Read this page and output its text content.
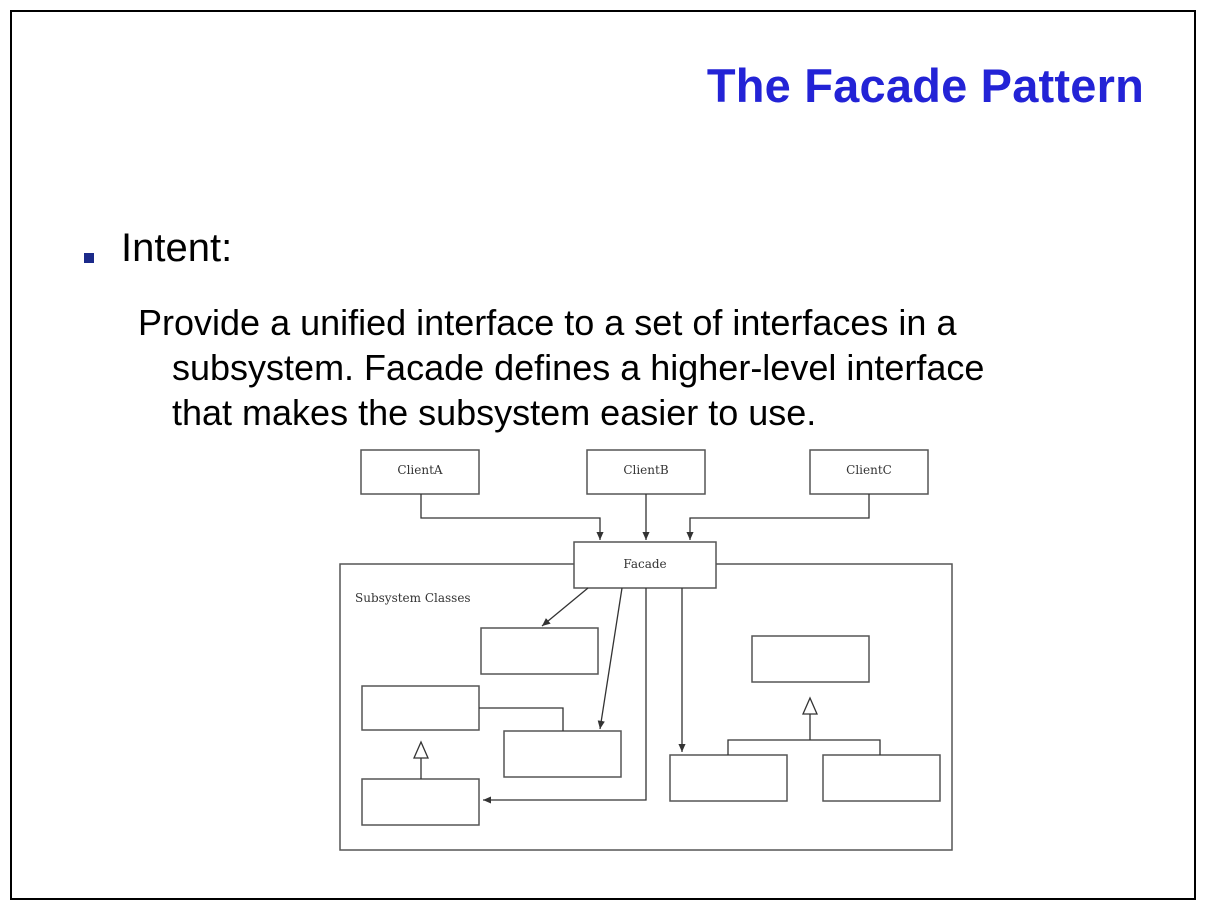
The Facade Pattern
Intent:
Provide a unified interface to a set of interfaces in a
subsystem. Facade defines a higher-level interface
that makes the subsystem easier to use.
Subsystem Classes
ClientA	ClientB	ClientC
Facade
